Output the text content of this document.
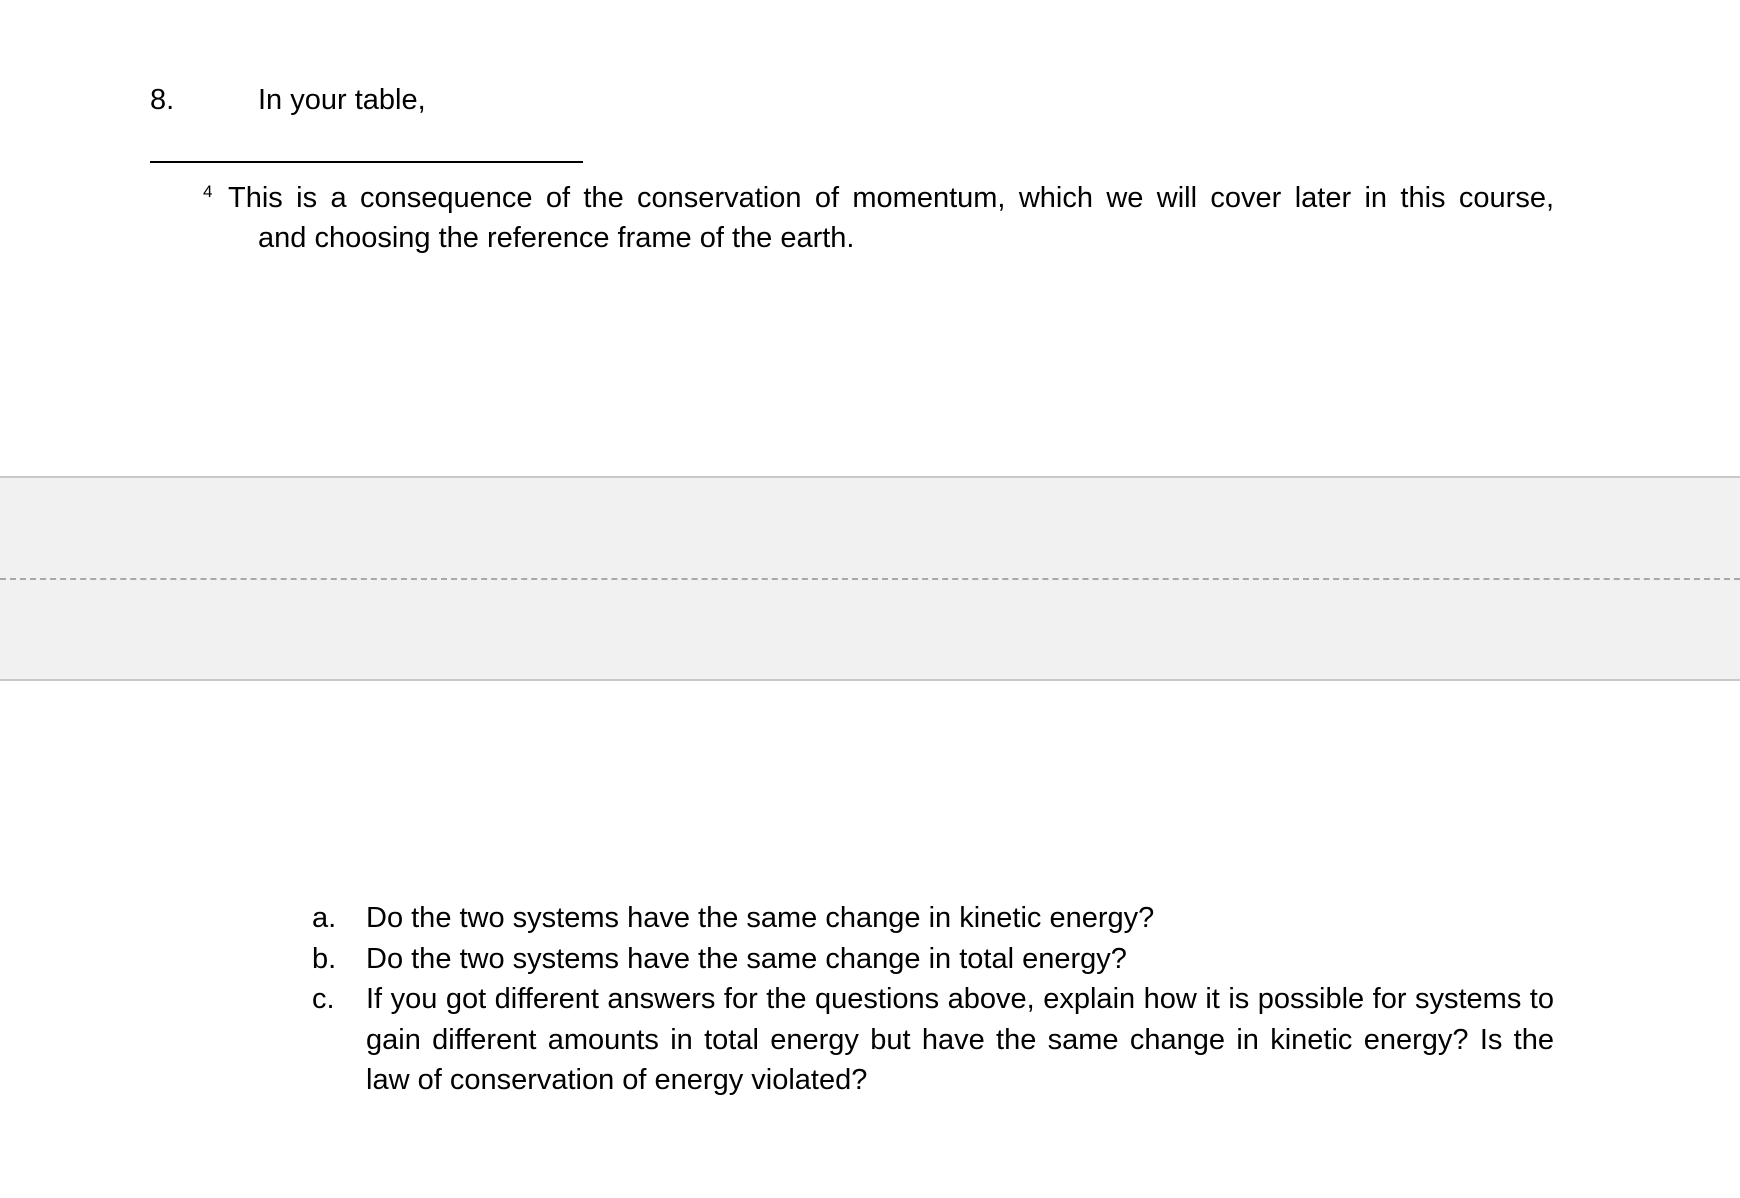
8.	In your table,
4 This is a consequence of the conservation of momentum, which we will cover later in this course,
and choosing the reference frame of the earth.
a. Do the two systems have the same change in kinetic energy?
b. Do the two systems have the same change in total energy?
c. If you got different answers for the questions above, explain how it is possible for systems to gain different amounts in total energy but have the same change in kinetic energy? Is the law of conservation of energy violated?
